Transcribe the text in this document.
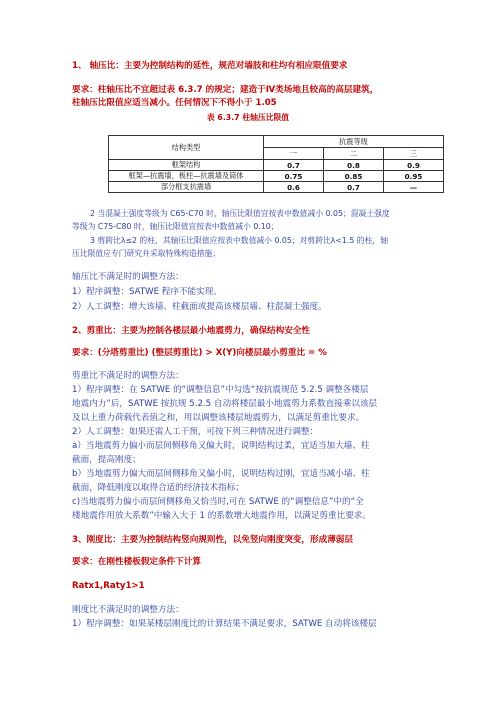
1、 轴压比：主要为控制结构的延性，规范对墙肢和柱均有相应限值要求
要求：柱轴压比不宜超过表 6.3.7 的规定；建造于Ⅳ类场地且较高的高层建筑，
柱轴压比限值应适当减小。任何情况下不得小于 1.05
表 6.3.7 柱轴压比限值
结构类型	抗震等级		
	一	二	三
框架结构	0.7	0.8	0.9
框架—抗震墙，板柱—抗震墙及筒体	0.75	0.85	0.95
部分框支抗震墙	0.6	0.7	—
2 当混凝土强度等级为 C65-C70 时，轴压比限值宜按表中数值减小 0.05；混凝土强度
等级为 C75-C80 时，轴压比限值宜按表中数值减小 0.10；
3 剪跨比λ≤2 的柱，其轴压比限值应按表中数值减小 0.05；对剪跨比λ<1.5 的柱，轴
压比限值应专门研究并采取特殊构造措施；
轴压比不满足时的调整方法：
1）程序调整：SATWE 程序不能实现。
2）人工调整：增大该墙、柱截面或提高该楼层墙、柱混凝土强度。
2、剪重比：主要为控制各楼层最小地震剪力，确保结构安全性
要求：(分塔剪重比) (整层剪重比) > X(Y)向楼层最小剪重比 = %
剪重比不满足时的调整方法：
1）程序调整：在 SATWE 的“调整信息”中勾选“按抗震规范 5.2.5 调整各楼层
地震内力”后，SATWE 按抗规 5.2.5 自动将楼层最小地震剪力系数直接乘以该层
及以上重力荷载代表值之和，用以调整该楼层地震剪力，以满足剪重比要求。
2）人工调整：如果还需人工干预，可按下列三种情况进行调整：
a）当地震剪力偏小而层间侧移角又偏大时，说明结构过柔，宜适当加大墙、柱
截面，提高刚度；
b）当地震剪力偏大而层间侧移角又偏小时，说明结构过刚，宜适当减小墙、柱
截面，降低刚度以取得合适的经济技术指标；
c)当地震剪力偏小而层间侧移角又恰当时,可在 SATWE 的“调整信息”中的“全
楼地震作用放大系数”中输入大于 1 的系数增大地震作用，以满足剪重比要求。
3、刚度比：主要为控制结构竖向规则性，以免竖向刚度突变，形成薄弱层
要求：在刚性楼板假定条件下计算
Ratx1,Raty1>1
刚度比不满足时的调整方法：
1）程序调整：如果某楼层刚度比的计算结果不满足要求，SATWE 自动将该楼层
